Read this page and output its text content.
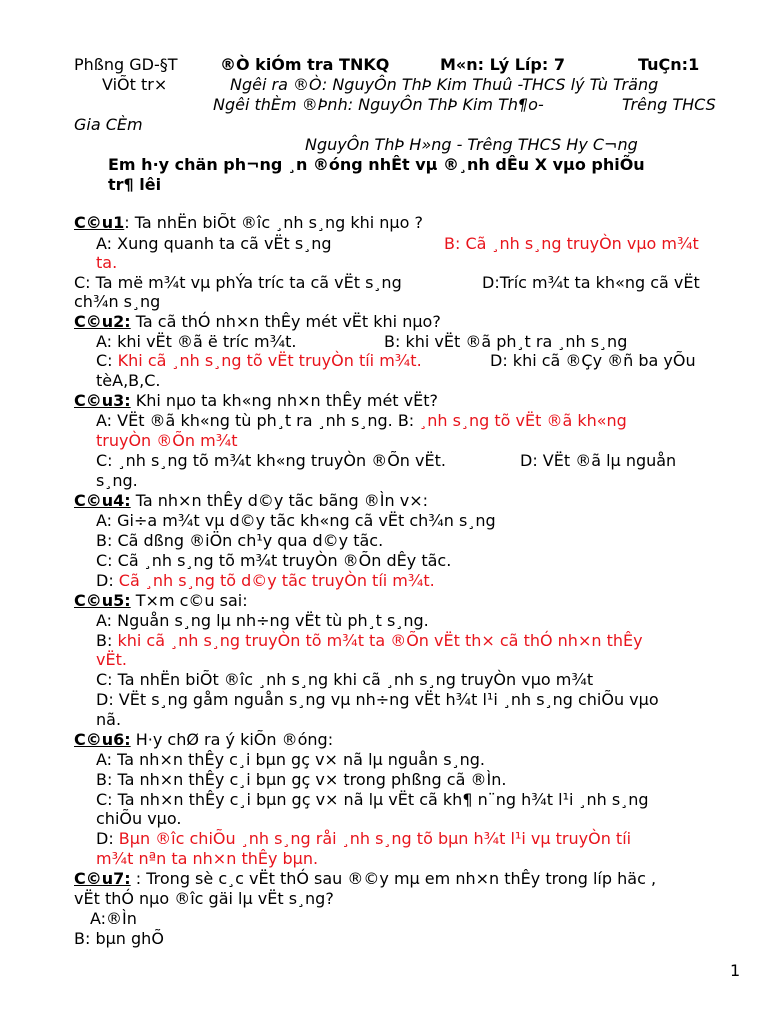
Phßng GD-§T	®Ò kiÓm tra TNKQ	M«n: Lý Líp: 7	TuÇn:1
ViÕt tr×	Ngêi ra ®Ò: NguyÔn ThÞ Kim Thuû -THCS lý Tù Träng
Ngêi thÈm ®Þnh: NguyÔn ThÞ Kim Th¶o-	Trêng THCS
Gia CÈm
NguyÔn ThÞ H»ng - Trêng THCS Hy C¬ng
Em h·y chän ph¬ng ¸n ®óng nhÊt vµ ®¸nh dÊu X vµo phiÕu
tr¶ lêi
C©u1: Ta nhËn biÕt ®îc ¸nh s¸ng khi nµo ?
A: Xung quanh ta cã vËt s¸ng	B: Cã ¸nh s¸ng truyÒn vµo m¾t
ta.
C: Ta më m¾t vµ phÝa tríc ta cã vËt s¸ng	D:Tríc m¾t ta kh«ng cã vËt
ch¾n s¸ng
C©u2: Ta cã thÓ nh×n thÊy mét vËt khi nµo?
A: khi vËt ®ã ë tríc m¾t.	B: khi vËt ®ã ph¸t ra ¸nh s¸ng
C: Khi cã ¸nh s¸ng tõ vËt truyÒn tíi m¾t.	D: khi cã ®Çy ®ñ ba yÕu
tèA,B,C.
C©u3: Khi nµo ta kh«ng nh×n thÊy mét vËt?
A: VËt ®ã kh«ng tù ph¸t ra ¸nh s¸ng. B: ¸nh s¸ng tõ vËt ®ã kh«ng
truyÒn ®Õn m¾t
C: ¸nh s¸ng tõ m¾t kh«ng truyÒn ®Õn vËt.	D: VËt ®ã lµ nguån
s¸ng.
C©u4: Ta nh×n thÊy d©y tãc bãng ®Ìn v×:
A: Gi÷a m¾t vµ d©y tãc kh«ng cã vËt ch¾n s¸ng
B: Cã dßng ®iÖn ch¹y qua d©y tãc.
C: Cã ¸nh s¸ng tõ m¾t truyÒn ®Õn dÊy tãc.
D: Cã ¸nh s¸ng tõ d©y tãc truyÒn tíi m¾t.
C©u5: T×m c©u sai:
A: Nguån s¸ng lµ nh÷ng vËt tù ph¸t s¸ng.
B: khi cã ¸nh s¸ng truyÒn tõ m¾t ta ®Õn vËt th× cã thÓ nh×n thÊy
vËt.
C: Ta nhËn biÕt ®îc ¸nh s¸ng khi cã ¸nh s¸ng truyÒn vµo m¾t
D: VËt s¸ng gåm nguån s¸ng vµ nh÷ng vËt h¾t l¹i ¸nh s¸ng chiÕu vµo
nã.
C©u6: H·y chØ ra ý kiÕn ®óng:
A: Ta nh×n thÊy c¸i bµn gç v× nã lµ nguån s¸ng.
B: Ta nh×n thÊy c¸i bµn gç v× trong phßng cã ®Ìn.
C: Ta nh×n thÊy c¸i bµn gç v× nã lµ vËt cã kh¶ n¨ng h¾t l¹i ¸nh s¸ng
chiÕu vµo.
D: Bµn ®îc chiÕu ¸nh s¸ng råi ¸nh s¸ng tõ bµn h¾t l¹i vµ truyÒn tíi
m¾t nªn ta nh×n thÊy bµn.
C©u7: : Trong sè c¸c vËt thÓ sau ®©y mµ em nh×n thÊy trong líp häc ,
vËt thÓ nµo ®îc gäi lµ vËt s¸ng?
A:®Ìn
B: bµn ghÕ
1
